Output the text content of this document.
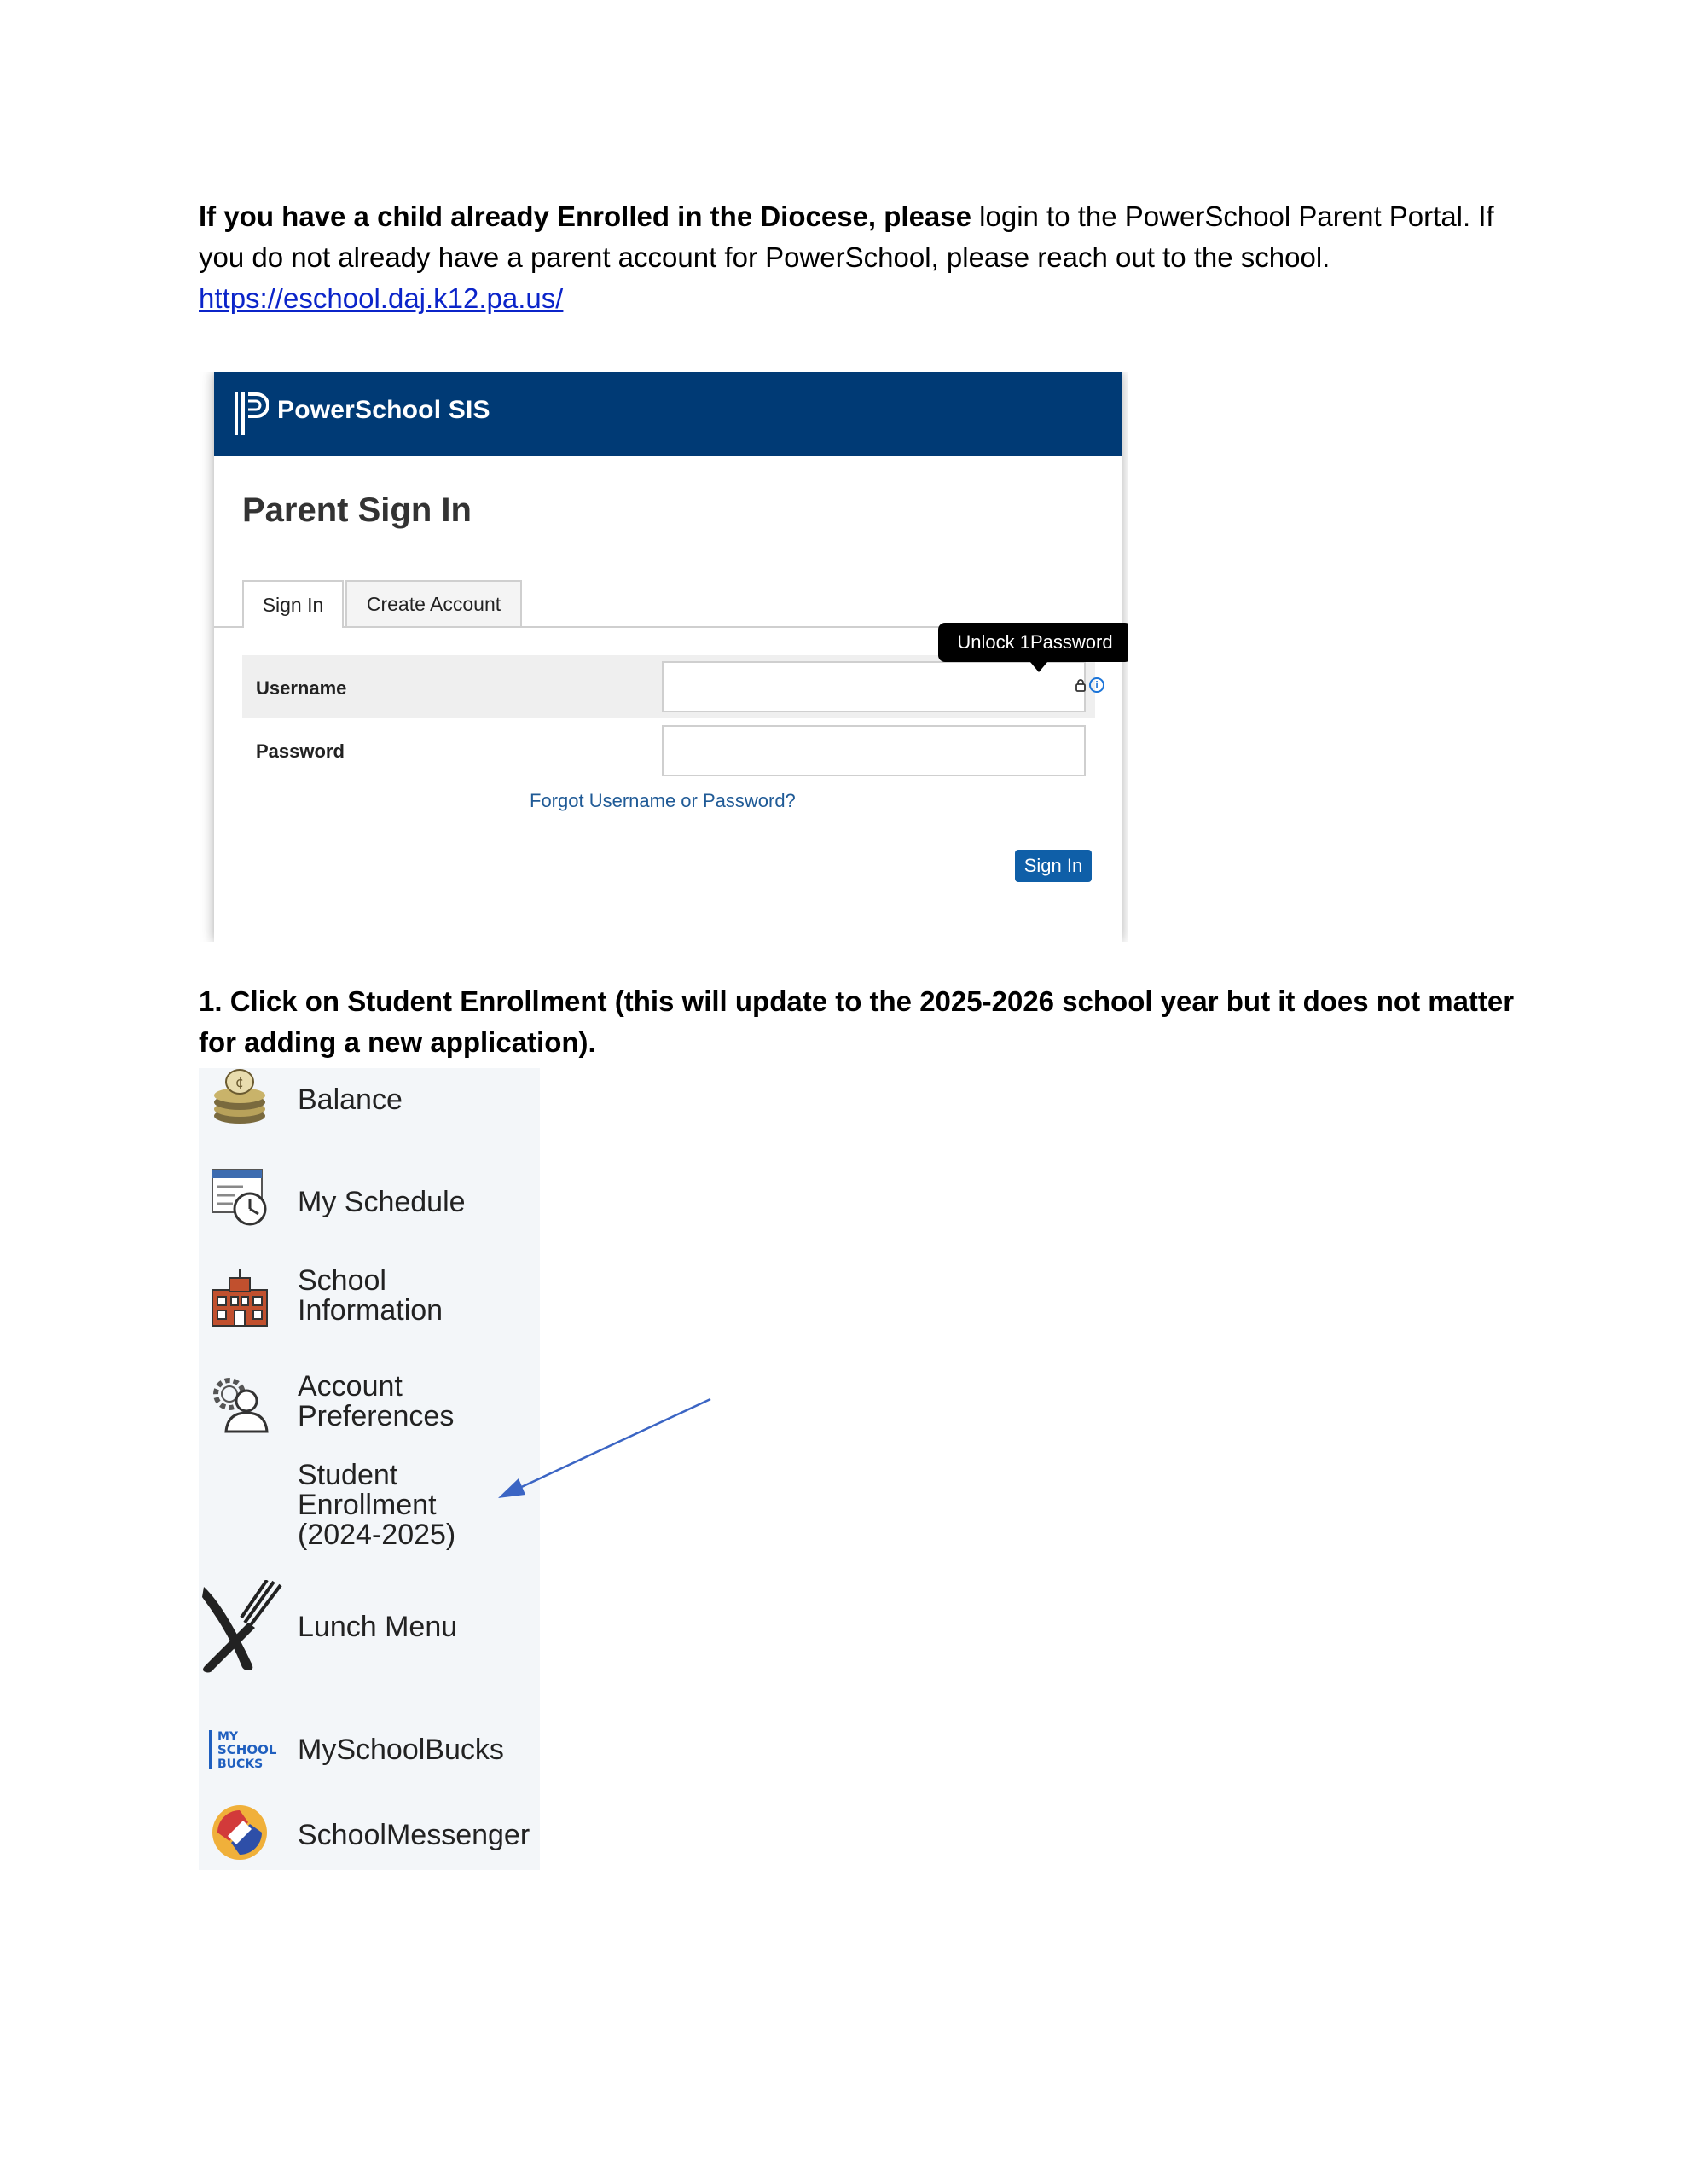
If you have a child already Enrolled in the Diocese, please login to the PowerSchool Parent Portal. If you do not already have a parent account for PowerSchool, please reach out to the school.
https://eschool.daj.k12.pa.us/
PowerSchool SIS
Parent Sign In
Sign In	Create Account
Username	i
Password
Forgot Username or Password?
Sign In
Unlock 1Password
1. Click on Student Enrollment (this will update to the 2025-2026 school year but it does not matter for adding a new application).
¢
Balance
My Schedule
School
Information
Account
Preferences
Student
Enrollment
(2024-2025)
Lunch Menu
MY
SCHOOL
BUCKS MySchoolBucks
SchoolMessenger
